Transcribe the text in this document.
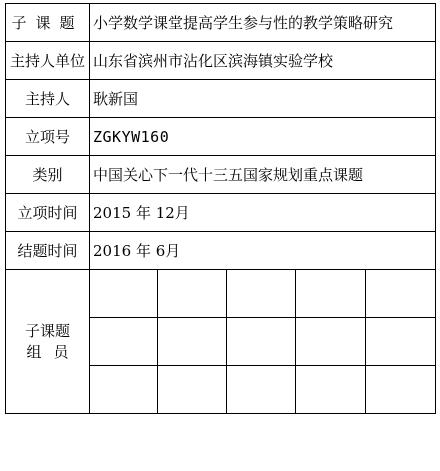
子课题	小学数学课堂提高学生参与性的教学策略研究				
主持人单位	山东省滨州市沾化区滨海镇实验学校				
主持人	耿新国				
立项号	ZGKYW160				
类别	中国关心下一代十三五国家规划重点课题				
立项时间	2015 年 12月				
结题时间	2016 年 6月				

子课题
组员					
